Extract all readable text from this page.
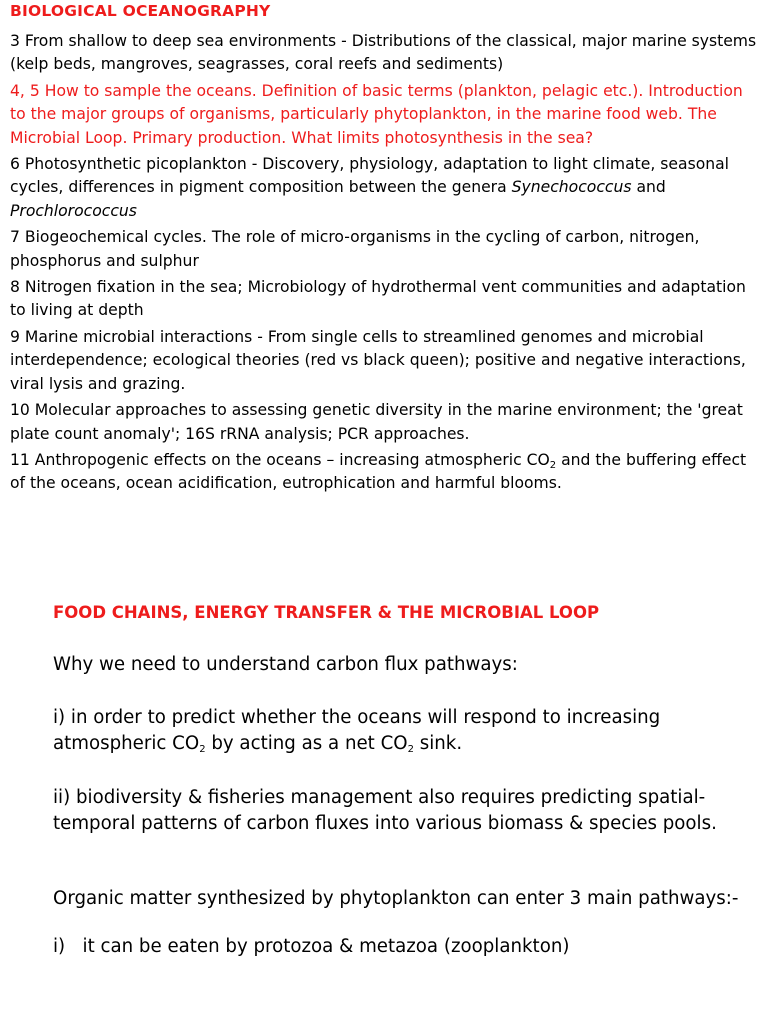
BIOLOGICAL OCEANOGRAPHY

3 From shallow to deep sea environments - Distributions of the classical, major marine systems (kelp beds, mangroves, seagrasses, coral reefs and sediments)

4, 5 How to sample the oceans. Definition of basic terms (plankton, pelagic etc.). Introduction to the major groups of organisms, particularly phytoplankton, in the marine food web. The Microbial Loop. Primary production. What limits photosynthesis in the sea?

6 Photosynthetic picoplankton - Discovery, physiology, adaptation to light climate, seasonal cycles, differences in pigment composition between the genera Synechococcus and Prochlorococcus

7 Biogeochemical cycles. The role of micro-organisms in the cycling of carbon, nitrogen, phosphorus and sulphur

8 Nitrogen fixation in the sea; Microbiology of hydrothermal vent communities and adaptation to living at depth

9 Marine microbial interactions - From single cells to streamlined genomes and microbial interdependence; ecological theories (red vs black queen); positive and negative interactions, viral lysis and grazing.

10 Molecular approaches to assessing genetic diversity in the marine environment; the 'great plate count anomaly'; 16S rRNA analysis; PCR approaches.

11 Anthropogenic effects on the oceans – increasing atmospheric $CO_2$ and the buffering effect of the oceans, ocean acidification, eutrophication and harmful blooms.

FOOD CHAINS, ENERGY TRANSFER & THE MICROBIAL LOOP

Why we need to understand carbon flux pathways:

i) in order to predict whether the oceans will respond to increasing atmospheric $CO_2$ by acting as a net $CO_2$ sink.

ii) biodiversity & fisheries management also requires predicting spatial-temporal patterns of carbon fluxes into various biomass & species pools.

Organic matter synthesized by phytoplankton can enter 3 main pathways:-

i) it can be eaten by protozoa & metazoa (zooplankton)
